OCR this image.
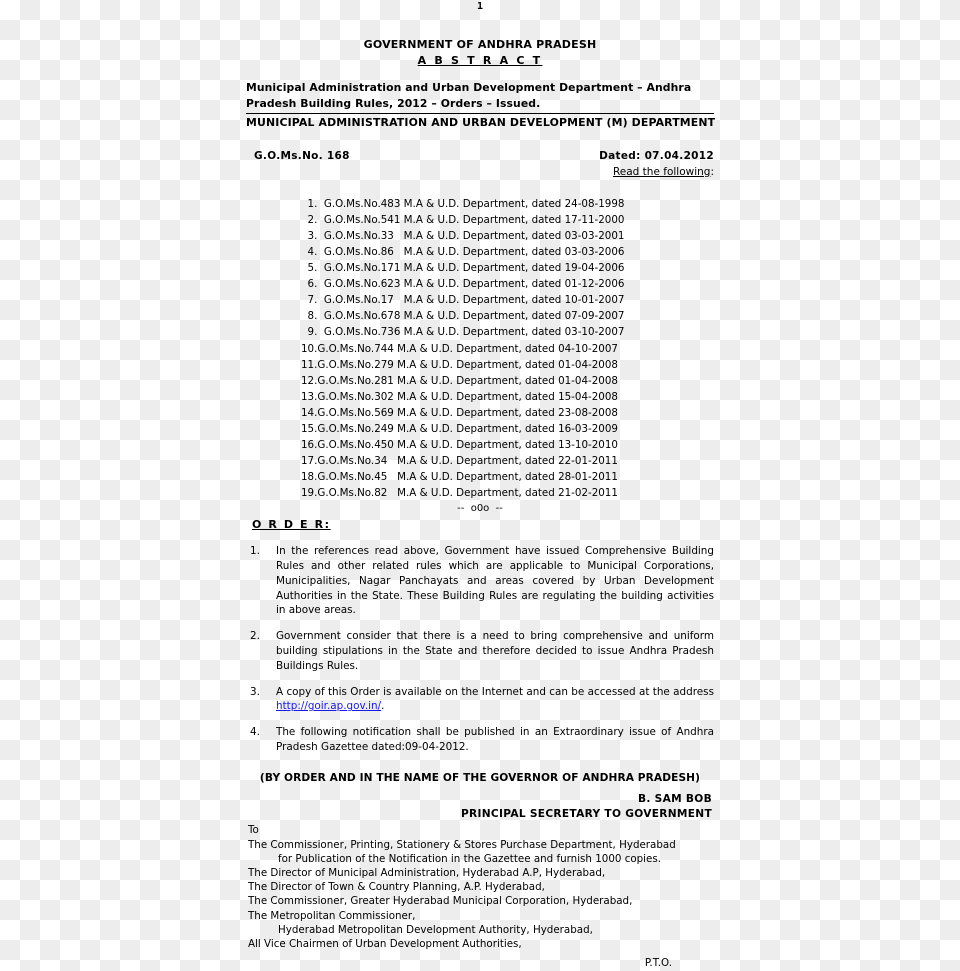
1
GOVERNMENT OF ANDHRA PRADESH
A B S T R A C T
Municipal Administration and Urban Development Department – Andhra
Pradesh Building Rules, 2012 – Orders – Issued.
MUNICIPAL ADMINISTRATION AND URBAN DEVELOPMENT (M) DEPARTMENT
G.O.Ms.No. 168	Dated: 07.04.2012
Read the following:
1.  G.O.Ms.No.483 M.A & U.D. Department, dated 24-08-1998
2.  G.O.Ms.No.541 M.A & U.D. Department, dated 17-11-2000
3.  G.O.Ms.No.33   M.A & U.D. Department, dated 03-03-2001
4.  G.O.Ms.No.86   M.A & U.D. Department, dated 03-03-2006
5.  G.O.Ms.No.171 M.A & U.D. Department, dated 19-04-2006
6.  G.O.Ms.No.623 M.A & U.D. Department, dated 01-12-2006
7.  G.O.Ms.No.17   M.A & U.D. Department, dated 10-01-2007
8.  G.O.Ms.No.678 M.A & U.D. Department, dated 07-09-2007
9.  G.O.Ms.No.736 M.A & U.D. Department, dated 03-10-2007
10.G.O.Ms.No.744 M.A & U.D. Department, dated 04-10-2007
11.G.O.Ms.No.279 M.A & U.D. Department, dated 01-04-2008
12.G.O.Ms.No.281 M.A & U.D. Department, dated 01-04-2008
13.G.O.Ms.No.302 M.A & U.D. Department, dated 15-04-2008
14.G.O.Ms.No.569 M.A & U.D. Department, dated 23-08-2008
15.G.O.Ms.No.249 M.A & U.D. Department, dated 16-03-2009
16.G.O.Ms.No.450 M.A & U.D. Department, dated 13-10-2010
17.G.O.Ms.No.34   M.A & U.D. Department, dated 22-01-2011
18.G.O.Ms.No.45   M.A & U.D. Department, dated 28-01-2011
19.G.O.Ms.No.82   M.A & U.D. Department, dated 21-02-2011
--  o0o  --
O R D E R:
1.	In the references read above, Government have issued Comprehensive Building Rules and other related rules which are applicable to Municipal Corporations, Municipalities, Nagar Panchayats and areas covered by Urban Development Authorities in the State. These Building Rules are regulating the building activities in above areas.
2.	Government consider that there is a need to bring comprehensive and uniform building stipulations in the State and therefore decided to issue Andhra Pradesh Buildings Rules.
3.	A copy of this Order is available on the Internet and can be accessed at the address http://goir.ap.gov.in/.
4.	The following notification shall be published in an Extraordinary issue of Andhra Pradesh Gazettee dated:09-04-2012.
(BY ORDER AND IN THE NAME OF THE GOVERNOR OF ANDHRA PRADESH)
B. SAM BOB
PRINCIPAL SECRETARY TO GOVERNMENT
To
The Commissioner, Printing, Stationery & Stores Purchase Department, Hyderabad
for Publication of the Notification in the Gazettee and furnish 1000 copies.
The Director of Municipal Administration, Hyderabad A.P, Hyderabad,
The Director of Town & Country Planning, A.P. Hyderabad,
The Commissioner, Greater Hyderabad Municipal Corporation, Hyderabad,
The Metropolitan Commissioner,
Hyderabad Metropolitan Development Authority, Hyderabad,
All Vice Chairmen of Urban Development Authorities,
P.T.O.
